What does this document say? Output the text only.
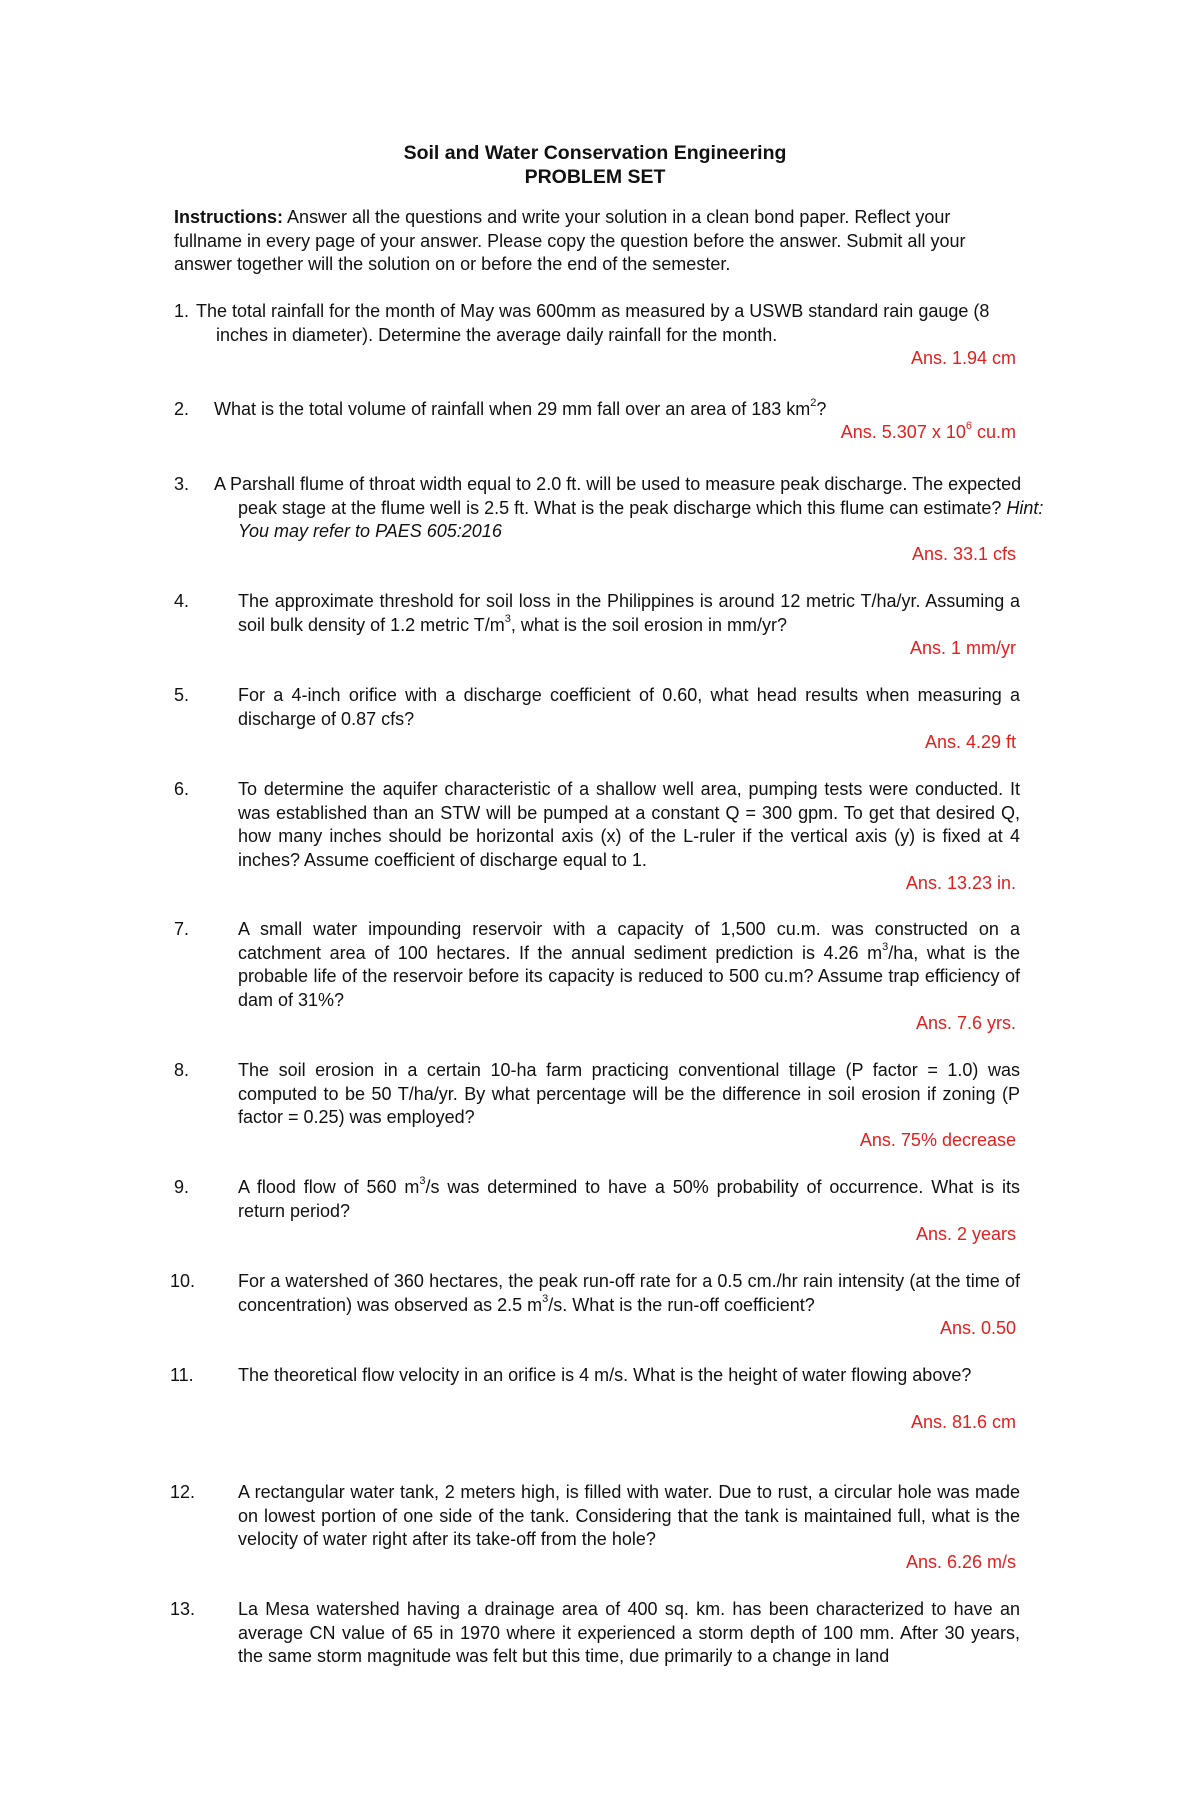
Soil and Water Conservation Engineering
PROBLEM SET
Instructions: Answer all the questions and write your solution in a clean bond paper. Reflect your fullname in every page of your answer. Please copy the question before the answer. Submit all your answer together will the solution on or before the end of the semester.
1. The total rainfall for the month of May was 600mm as measured by a USWB standard rain gauge (8 inches in diameter). Determine the average daily rainfall for the month.
Ans. 1.94 cm
2. What is the total volume of rainfall when 29 mm fall over an area of 183 $km^2$?
Ans. 5.307 x $10^6$ cu.m
3. A Parshall flume of throat width equal to 2.0 ft. will be used to measure peak discharge. The expected peak stage at the flume well is 2.5 ft. What is the peak discharge which this flume can estimate? Hint: You may refer to PAES 605:2016
Ans. 33.1 cfs
4.	The approximate threshold for soil loss in the Philippines is around 12 metric T/ha/yr. Assuming a soil bulk density of 1.2 metric $T/m^3$, what is the soil erosion in mm/yr?
Ans. 1 mm/yr
5.	For a 4-inch orifice with a discharge coefficient of 0.60, what head results when measuring a discharge of 0.87 cfs?
Ans. 4.29 ft
6.	To determine the aquifer characteristic of a shallow well area, pumping tests were conducted. It was established than an STW will be pumped at a constant Q = 300 gpm. To get that desired Q, how many inches should be horizontal axis (x) of the L-ruler if the vertical axis (y) is fixed at 4 inches? Assume coefficient of discharge equal to 1.
Ans. 13.23 in.
7.	A small water impounding reservoir with a capacity of 1,500 cu.m. was constructed on a catchment area of 100 hectares. If the annual sediment prediction is 4.26 $m^3/ha$, what is the probable life of the reservoir before its capacity is reduced to 500 cu.m? Assume trap efficiency of dam of 31%?
Ans. 7.6 yrs.
8.	The soil erosion in a certain 10-ha farm practicing conventional tillage (P factor = 1.0) was computed to be 50 T/ha/yr. By what percentage will be the difference in soil erosion if zoning (P factor = 0.25) was employed?
Ans. 75% decrease
9.	A flood flow of 560 $m^3/s$ was determined to have a 50% probability of occurrence. What is its return period?
Ans. 2 years
10. For a watershed of 360 hectares, the peak run-off rate for a 0.5 cm./hr rain intensity (at the time of concentration) was observed as 2.5 $m^3/s$. What is the run-off coefficient?
Ans. 0.50
11. The theoretical flow velocity in an orifice is 4 m/s. What is the height of water flowing above?
Ans. 81.6 cm
12. A rectangular water tank, 2 meters high, is filled with water. Due to rust, a circular hole was made on lowest portion of one side of the tank. Considering that the tank is maintained full, what is the velocity of water right after its take-off from the hole?
Ans. 6.26 m/s
13. La Mesa watershed having a drainage area of 400 sq. km. has been characterized to have an average CN value of 65 in 1970 where it experienced a storm depth of 100 mm. After 30 years, the same storm magnitude was felt but this time, due primarily to a change in land
